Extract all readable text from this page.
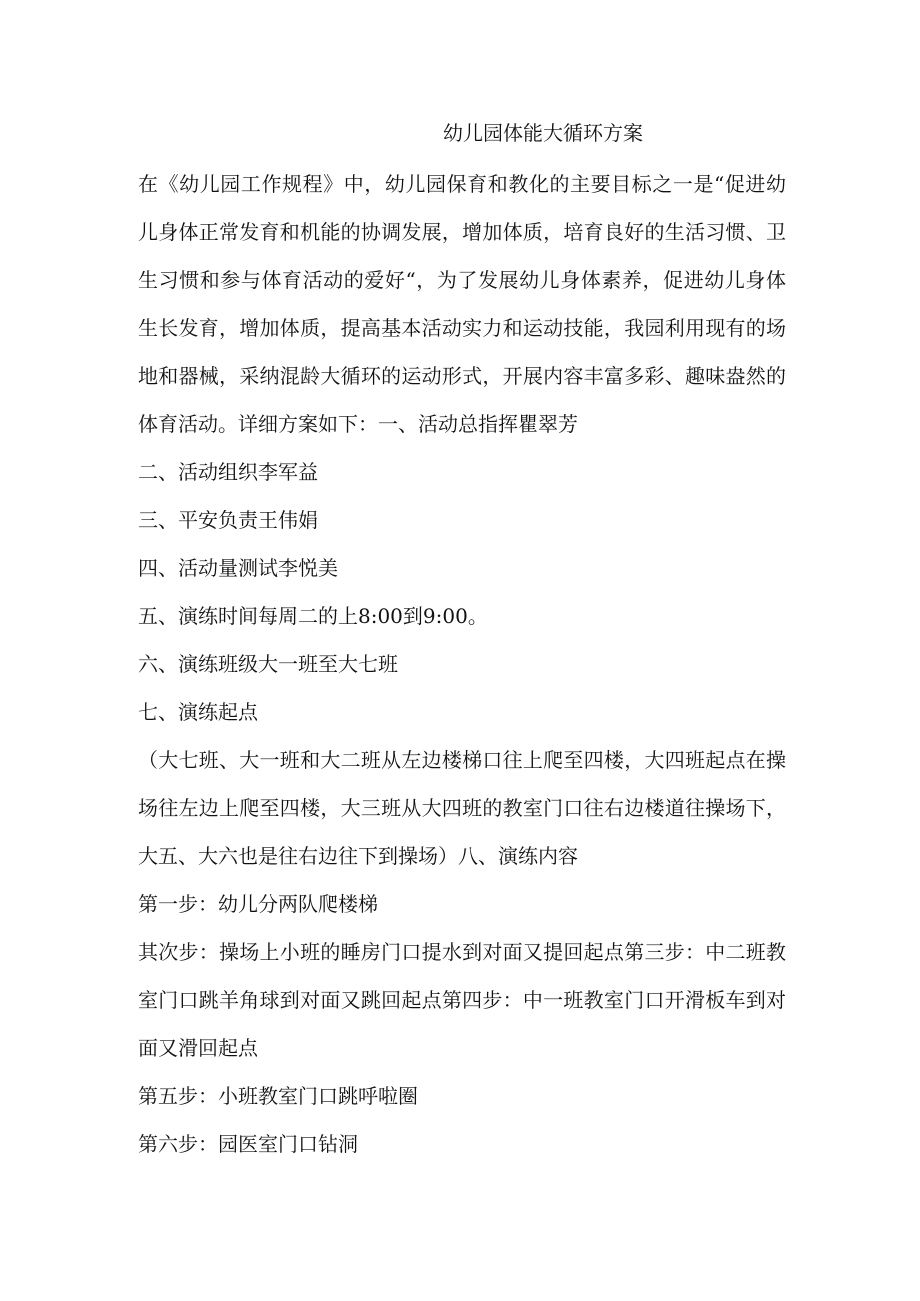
幼儿园体能大循环方案

在《幼儿园工作规程》中，幼儿园保育和教化的主要目标之一是“促进幼儿身体正常发育和机能的协调发展，增加体质，培育良好的生活习惯、卫生习惯和参与体育活动的爱好“，为了发展幼儿身体素养，促进幼儿身体生长发育，增加体质，提高基本活动实力和运动技能，我园利用现有的场地和器械，采纳混龄大循环的运动形式，开展内容丰富多彩、趣味盎然的体育活动。详细方案如下：一、活动总指挥瞿翠芳

二、活动组织李军益

三、平安负责王伟娟

四、活动量测试李悦美

五、演练时间每周二的上8:00到9:00。

六、演练班级大一班至大七班

七、演练起点

（大七班、大一班和大二班从左边楼梯口往上爬至四楼，大四班起点在操场往左边上爬至四楼，大三班从大四班的教室门口往右边楼道往操场下，大五、大六也是往右边往下到操场）八、演练内容

第一步：幼儿分两队爬楼梯

其次步：操场上小班的睡房门口提水到对面又提回起点第三步：中二班教室门口跳羊角球到对面又跳回起点第四步：中一班教室门口开滑板车到对面又滑回起点

第五步：小班教室门口跳呼啦圈

第六步：园医室门口钻洞
